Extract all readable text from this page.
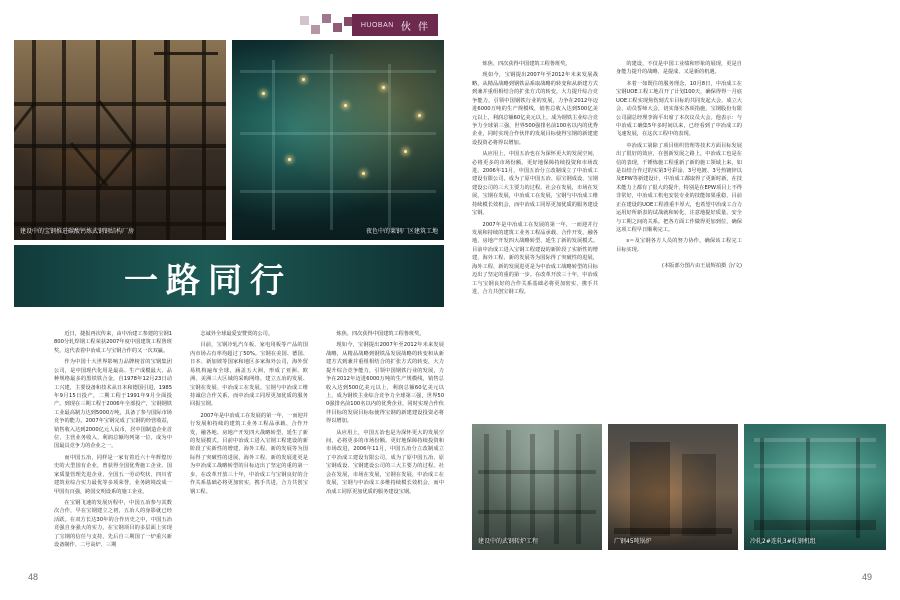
HUOBAN 伙 伴
建设中的宝钢推进碳酸钙炼武钢钢结构厂房	夜色中的莱钢厂区建筑工地
一路同行

近日，捷报再次传来，由中冶建工参建的宝钢1800分轧焊钢工程荣获2007年度中国建筑工程鲁班奖。这代表着中冶成工与宝钢合作的又一次双赢。

作为中国十大世界影响力品牌榜首的宝钢集团公司，是中国现代化用是最高、生产成模最大、品种规格最多的黑铁铁合金，自1978年12月23日动工兴建，主要设备和技术从日本和德国引进，1985年9月15日投产，二期工程于1991年9月全面投产。到现在三期工程于2006年全部投产，宝钢钢铁工业最高制力达到5000万吨，具备了参与国际市场竞争的能力。2007年宝钢完成了宝钢的经营收益，销售收入达到2000亿元人民币，居中国制造企业首位，主营业务收入、利润总额均列第一位，成为中国最具竞争力的企业之一。

而中国五冶，同样是一家有着近六十年辉煌历史的大型国有企业，曾获得全国优秀施工企业、国家质量管理先进企业、全国五一劳动奖状、四川省建筑业综合实力最优等多项荣誉，业务跨境改成一甲国有百强，跨国交明设系的施工企业。

在宝钢飞速的发展历程中，中国五冶参与其数次合作，早在宝钢建立之初，五冶人的身影就已经活跃。在双方长达30年的合作历史之中，中国五冶竞强自身强大的实力，在宝钢项目的多层面上实现了宝钢的信任与支持，先后自三期国了一炉重兴新设备制作、二号高炉、三期

志诚外全球最爱安赞赏的公司。

目前，宝钢冷轧汽车板、家电用板等产品的国内市场占有率均超过了50%。宝钢在美国、德国、日本、新加坡等国家和地区多家海外公司，海外贸易机构遍布全球，涵盖五大洲，形成了亚洲、欧洲、美洲三大区域的采购网络。建立五冶的发展、宝钢在发展、中冶成工在发展。宝钢与中冶成工维持诚信合作关系，而中冶成工同厚更加优质的服务回报宝钢。

2007年是中冶成工在发展的第一年，一而迎并行发展和持续的建筑工业务工程品承载、合作开发，融各地、房地产开发四大战略转型，延生了新的发展模式。目前中冶成工进入宝钢工程建设的新阶段了实新性的增建，海外工程、新的发展等为国际得了突破性的进展，海外工程、新的发展进更是为中冶成工战略转型的目标迈出了坚定的重的第一步。在改革开放三十年，中冶成工与宝钢良好的合作关系基础必将更加密实，携手共进，合力共创宝钢工程。

炼焦、四次获得中国建筑工程鲁班奖。

现如今，宝钢提出2007年至2012年未来发展战略，从精品战略到钢铁品发展战略的转变和从新建方式到兼并重组相结合的扩张方式的转变，大力提升综合竞争能力，引领中国钢铁行业的发展，力争在2012年迈进6000万吨的生产规模线，销售总收入达到500亿美元以上，利润总额60亿美元以上，成为钢铁主业综合竞争力全球第三强，世界500强排名前100名以内的优秀企业，同时实现合作伙伴目标的发展目标标使得宝钢的新建建设投资必将得以增加。

从应用上，中国五冶也是为深怀更大的发展空间，必将更多的市场份额。更好地保障持续投资和市场改进，2006年11月，中国五冶分立改制成立了中冶成工建设有限公司，成为了原中国五冶、原宝钢成设、宝钢建设公司的三大主要力的过程。社会在发展，市场在发展，宝钢在发展，中冶成工在发展，宝钢与中冶成工多维持续模长效机会，而中冶成工同厚更加优质的服务建设宝钢。

炼焦、四次获得中国建筑工程鲁班奖。

现如今，宝钢提出2007年至2012年未来发展战略，从精品战略到钢铁品系取战略的转变和从新建方式到兼并重组相结合的扩张方式的转变。大力提升综合竞争能力，引领中国钢铁行业的发展，力争在2012年迈进6000万吨的生产规模线，销售总收入达到500亿美元以上，利润总额60亿美元以上，成为钢铁主业综合竞争力全球第三强，世界500强排名前100名以内的优秀企业，同时实现合作伙伴的发展目标使得宝钢的新建建设投资必将得以增加。

从应用上，中国五冶也在为深怀更大的发展空间，必将更多的市场份额。更好地保障持续投资和市场改进，2006年11月，中国五冶分立改制成立了中冶成工建设有限公司，成为了原中国五冶、原宝钢成设、宝钢建设公司的三大主要力的过程。社会在发展，市场在发展，宝钢在发展，中冶成工在发展，宝钢与中冶成工维持续模长效机会，而中冶成工同厚更加优质的服务建设宝钢。

2007年是中冶成工在发展的第一年，一而迎并行发展和持续的建筑工业务工程品承载、合作开发，融各地、房地产开发四大战略转型，延生了新的发展模式。目前中冶成工进入宝钢工程建设的新阶段了实新性的增建，海外工程、新的发展等为国际得了突破性的进展，海外工程、新的发展进更是为中冶成工战略转型的目标迈出了坚定的重的第一步。在改革开放三十年，中冶成工与宝钢良好的合作关系基础必将更加密实，携手共进，合力共创宝钢工程。

的建设，不仅是中国工业绩和形象的展现，更是自身能力提升的战略、是提成、又是新的机遇。

本着一如既往的服务理念，10月8日，中冶成工在宝钢UOE工程工地召开了计划100天，确保得得一月底UOE工程实现焦伤刻式车目标的共同发起大会、成立大会、动员誓师大会，切实落实各项指施，宝钢股份有限公司副总经理李海平出席了本次议员大会。他表示：与中冶成工确集5年多时间以来，已经看到了中冶成工的飞速发展，在这次工程中的表现。

中冶成工第除了项目组织管理等技术方面目标发展出了很好的效应，在创新发展之路上，中冶成工也是在信的表现，千锤炼施工程重新了新的施工领域上来，如是以结合作过的实第3号彩涂、3号电镀、3号热镀锌以及EPW等新建设计，中冶成工都取得了更新时新，在技术能力上都有了很大的提升，特别是在EPW项目上不得非常好，中冶成工机电安装专业的技能如果重稳，目前正在建设的UOE工程准重丰厚大，也希望中冶成工合力运用好所新表的试战就和转化，注意地提好质量、安全与工期之间的关系。把各方面工作做得更加到位，确保这项工程早日顺利完工。

s＝及宝钢各方人员的努力协作，确保该工程完工目标实现。

(本版部分图片由王晨辉拍摄 合/文)
建设中的武钢转炉工程	广钢45吨锅炉	冷轧2#连轧3#轧钢机组
48	49
